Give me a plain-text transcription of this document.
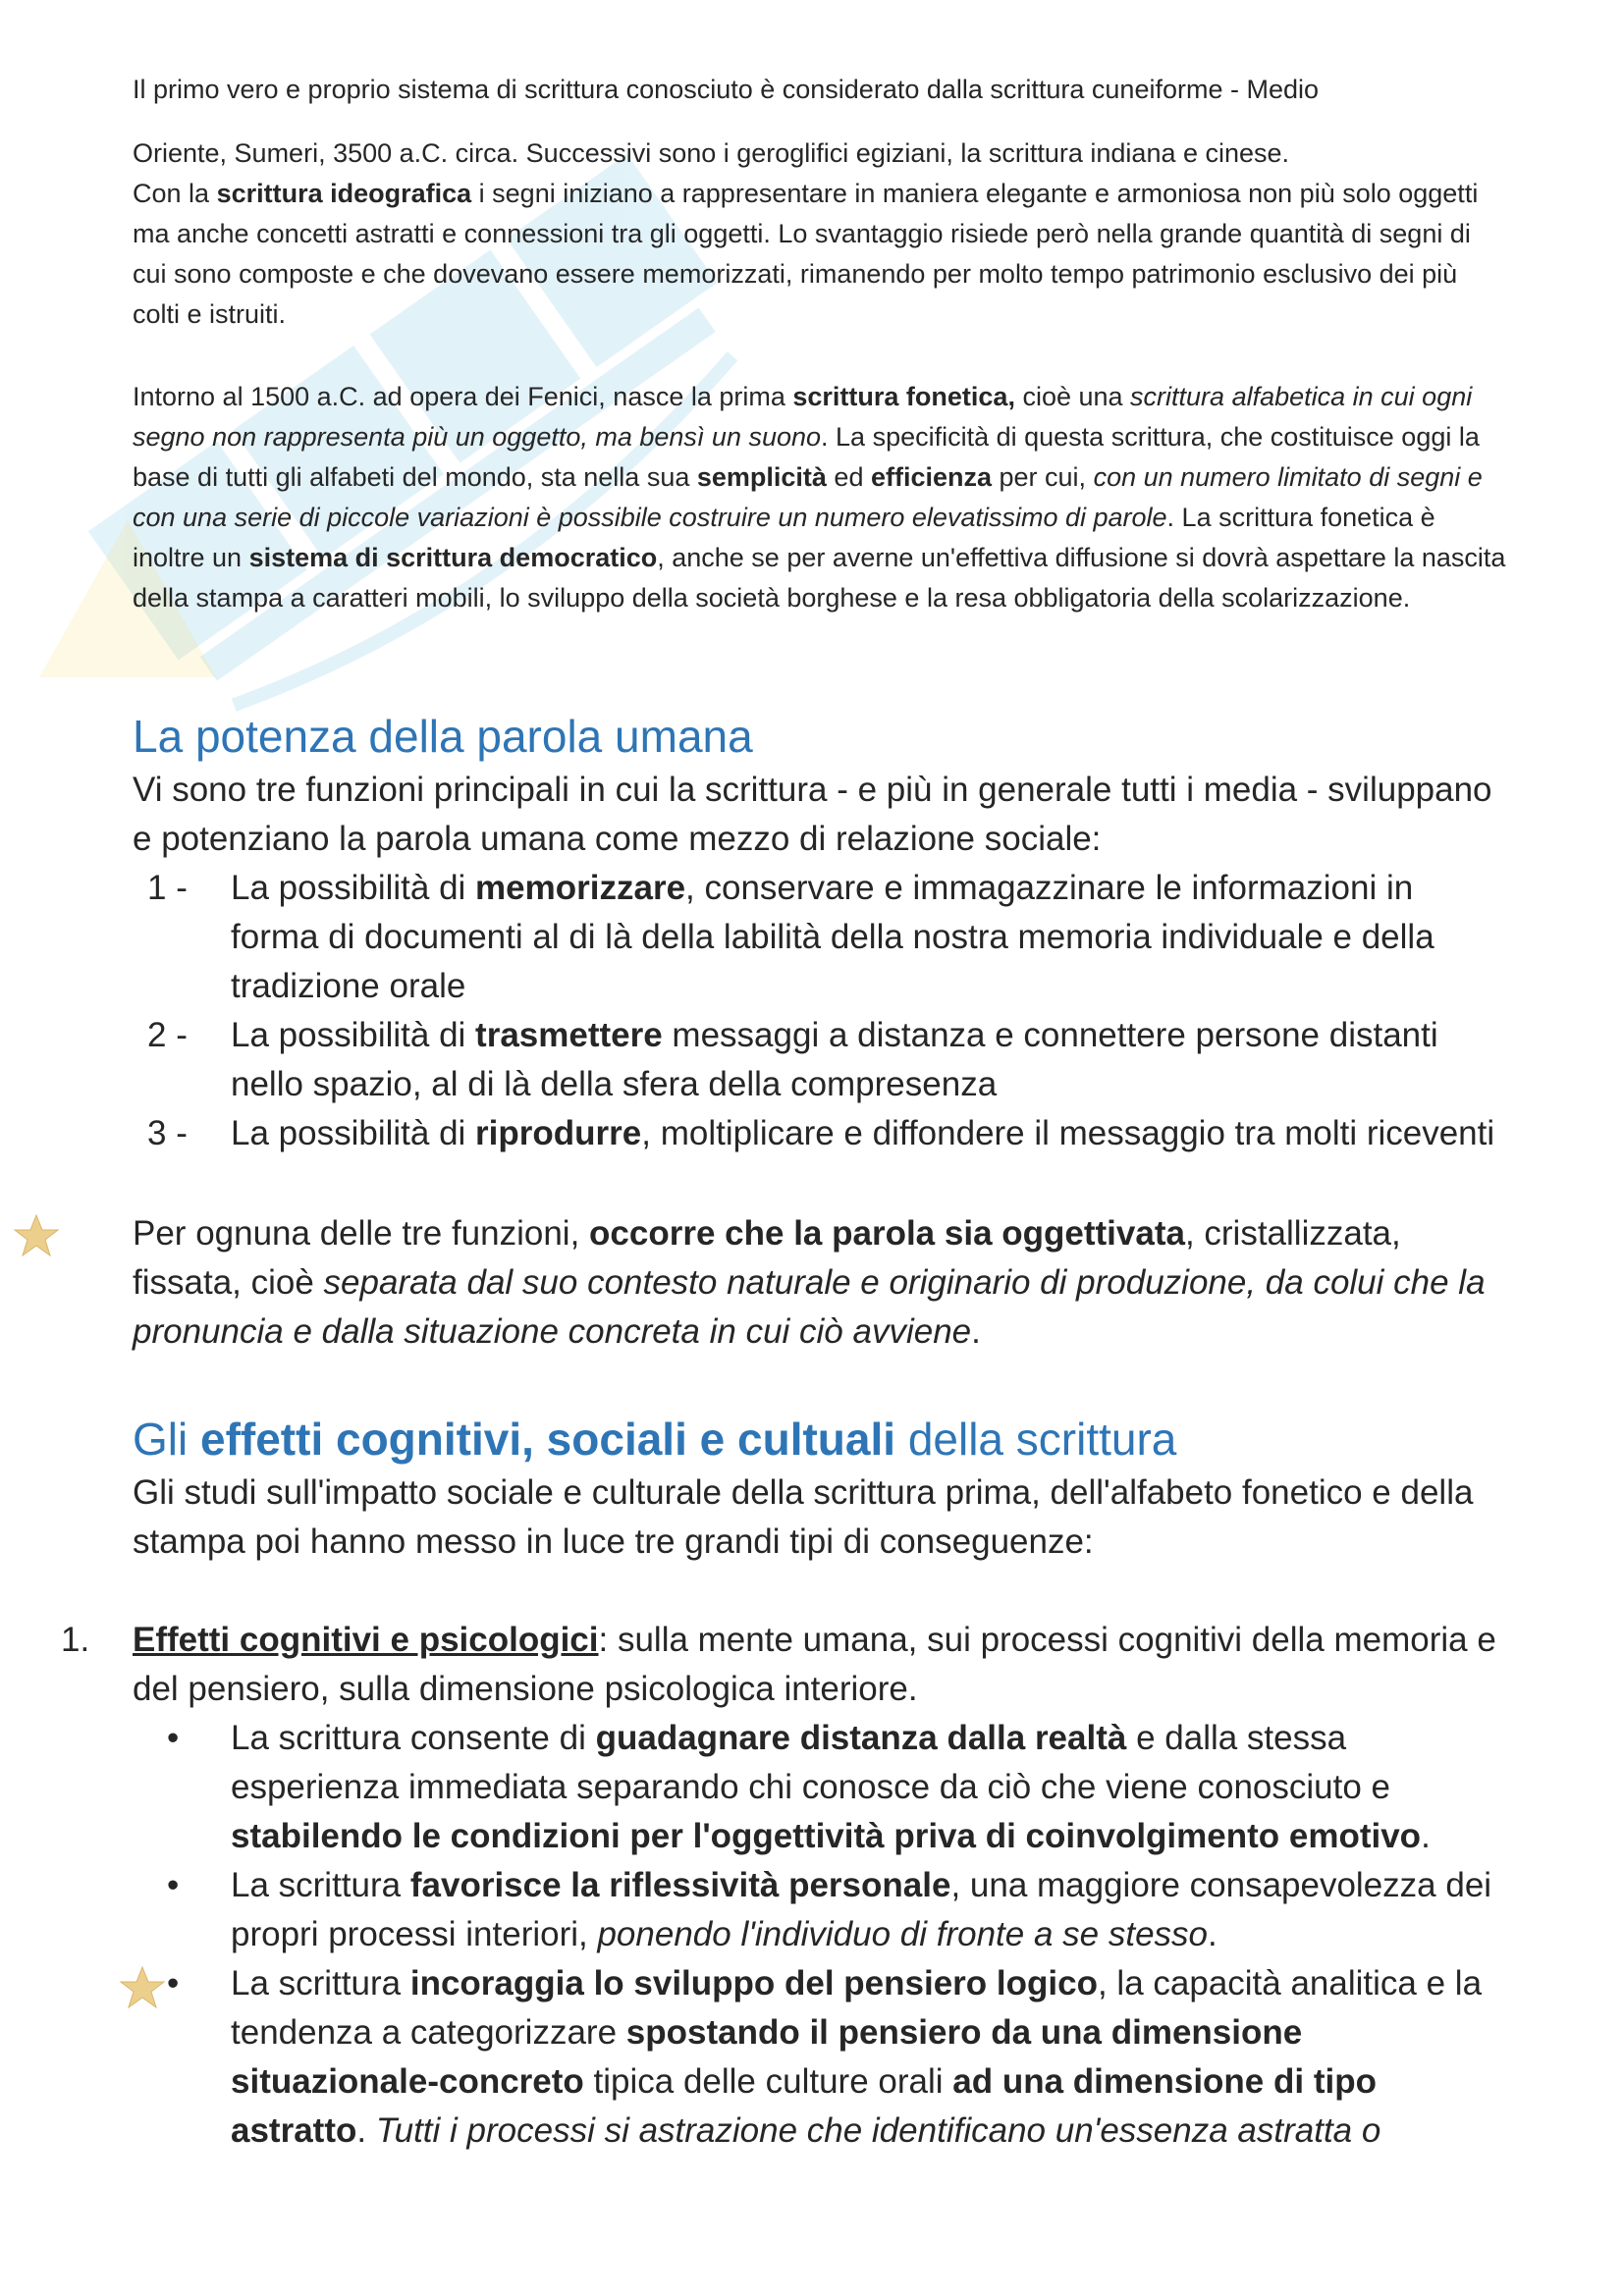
Il primo vero e proprio sistema di scrittura conosciuto è considerato dalla scrittura cuneiforme - Medio

Oriente, Sumeri, 3500 a.C. circa. Successivi sono i geroglifici egiziani, la scrittura indiana e cinese.

Con la scrittura ideografica i segni iniziano a rappresentare in maniera elegante e armoniosa non più solo oggetti ma anche concetti astratti e connessioni tra gli oggetti. Lo svantaggio risiede però nella grande quantità di segni di cui sono composte e che dovevano essere memorizzati, rimanendo per molto tempo patrimonio esclusivo dei più colti e istruiti.

Intorno al 1500 a.C. ad opera dei Fenici, nasce la prima scrittura fonetica, cioè una scrittura alfabetica in cui ogni segno non rappresenta più un oggetto, ma bensì un suono. La specificità di questa scrittura, che costituisce oggi la base di tutti gli alfabeti del mondo, sta nella sua semplicità ed efficienza per cui, con un numero limitato di segni e con una serie di piccole variazioni è possibile costruire un numero elevatissimo di parole. La scrittura fonetica è inoltre un sistema di scrittura democratico, anche se per averne un'effettiva diffusione si dovrà aspettare la nascita della stampa a caratteri mobili, lo sviluppo della società borghese e la resa obbligatoria della scolarizzazione.

La potenza della parola umana

Vi sono tre funzioni principali in cui la scrittura - e più in generale tutti i media - sviluppano e potenziano la parola umana come mezzo di relazione sociale:

1 - La possibilità di memorizzare, conservare e immagazzinare le informazioni in forma di documenti al di là della labilità della nostra memoria individuale e della tradizione orale

2 - La possibilità di trasmettere messaggi a distanza e connettere persone distanti nello spazio, al di là della sfera della compresenza

3 - La possibilità di riprodurre, moltiplicare e diffondere il messaggio tra molti riceventi

Per ognuna delle tre funzioni, occorre che la parola sia oggettivata, cristallizzata, fissata, cioè separata dal suo contesto naturale e originario di produzione, da colui che la pronuncia e dalla situazione concreta in cui ciò avviene.

Gli effetti cognitivi, sociali e cultuali della scrittura

Gli studi sull'impatto sociale e culturale della scrittura prima, dell'alfabeto fonetico e della stampa poi hanno messo in luce tre grandi tipi di conseguenze:

1. Effetti cognitivi e psicologici: sulla mente umana, sui processi cognitivi della memoria e del pensiero, sulla dimensione psicologica interiore.

• La scrittura consente di guadagnare distanza dalla realtà e dalla stessa esperienza immediata separando chi conosce da ciò che viene conosciuto e stabilendo le condizioni per l'oggettività priva di coinvolgimento emotivo.

• La scrittura favorisce la riflessività personale, una maggiore consapevolezza dei propri processi interiori, ponendo l'individuo di fronte a se stesso.

• La scrittura incoraggia lo sviluppo del pensiero logico, la capacità analitica e la tendenza a categorizzare spostando il pensiero da una dimensione situazionale-concreto tipica delle culture orali ad una dimensione di tipo astratto. Tutti i processi si astrazione che identificano un'essenza astratta o
